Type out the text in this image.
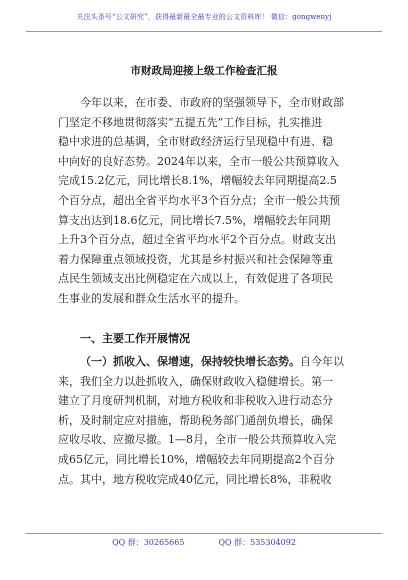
关注头条号“公文研究”，获得最新最全最专业的公文资料库！ 微信：gongwenyj
市财政局迎接上级工作检查汇报
今年以来，在市委、市政府的坚强领导下，全市财政部
门坚定不移地贯彻落实“五提五先”工作目标，扎实推进
稳中求进的总基调，全市财政经济运行呈现稳中有进、稳
中向好的良好态势。2024年以来，全市一般公共预算收入
完成15.2亿元，同比增长8.1%，增幅较去年同期提高2.5
个百分点，超出全省平均水平3个百分点；全市一般公共预
算支出达到18.6亿元，同比增长7.5%，增幅较去年同期
上升3个百分点，超过全省平均水平2个百分点。财政支出
着力保障重点领域投资，尤其是乡村振兴和社会保障等重
点民生领域支出比例稳定在六成以上，有效促进了各项民
生事业的发展和群众生活水平的提升。
一、主要工作开展情况
（一）抓收入、保增速，保持较快增长态势。自今年以
来，我们全力以赴抓收入，确保财政收入稳健增长。第一
建立了月度研判机制，对地方税收和非税收入进行动态分
析，及时制定应对措施，帮助税务部门通剖负增长，确保
应收尽收、应撤尽撤。1—8月，全市一般公共预算收入完
成65亿元，同比增长10%，增幅较去年同期提高2个百分
点。其中，地方税收完成40亿元，同比增长8%，非税收
QQ 群：30265665	QQ 群：535304092
